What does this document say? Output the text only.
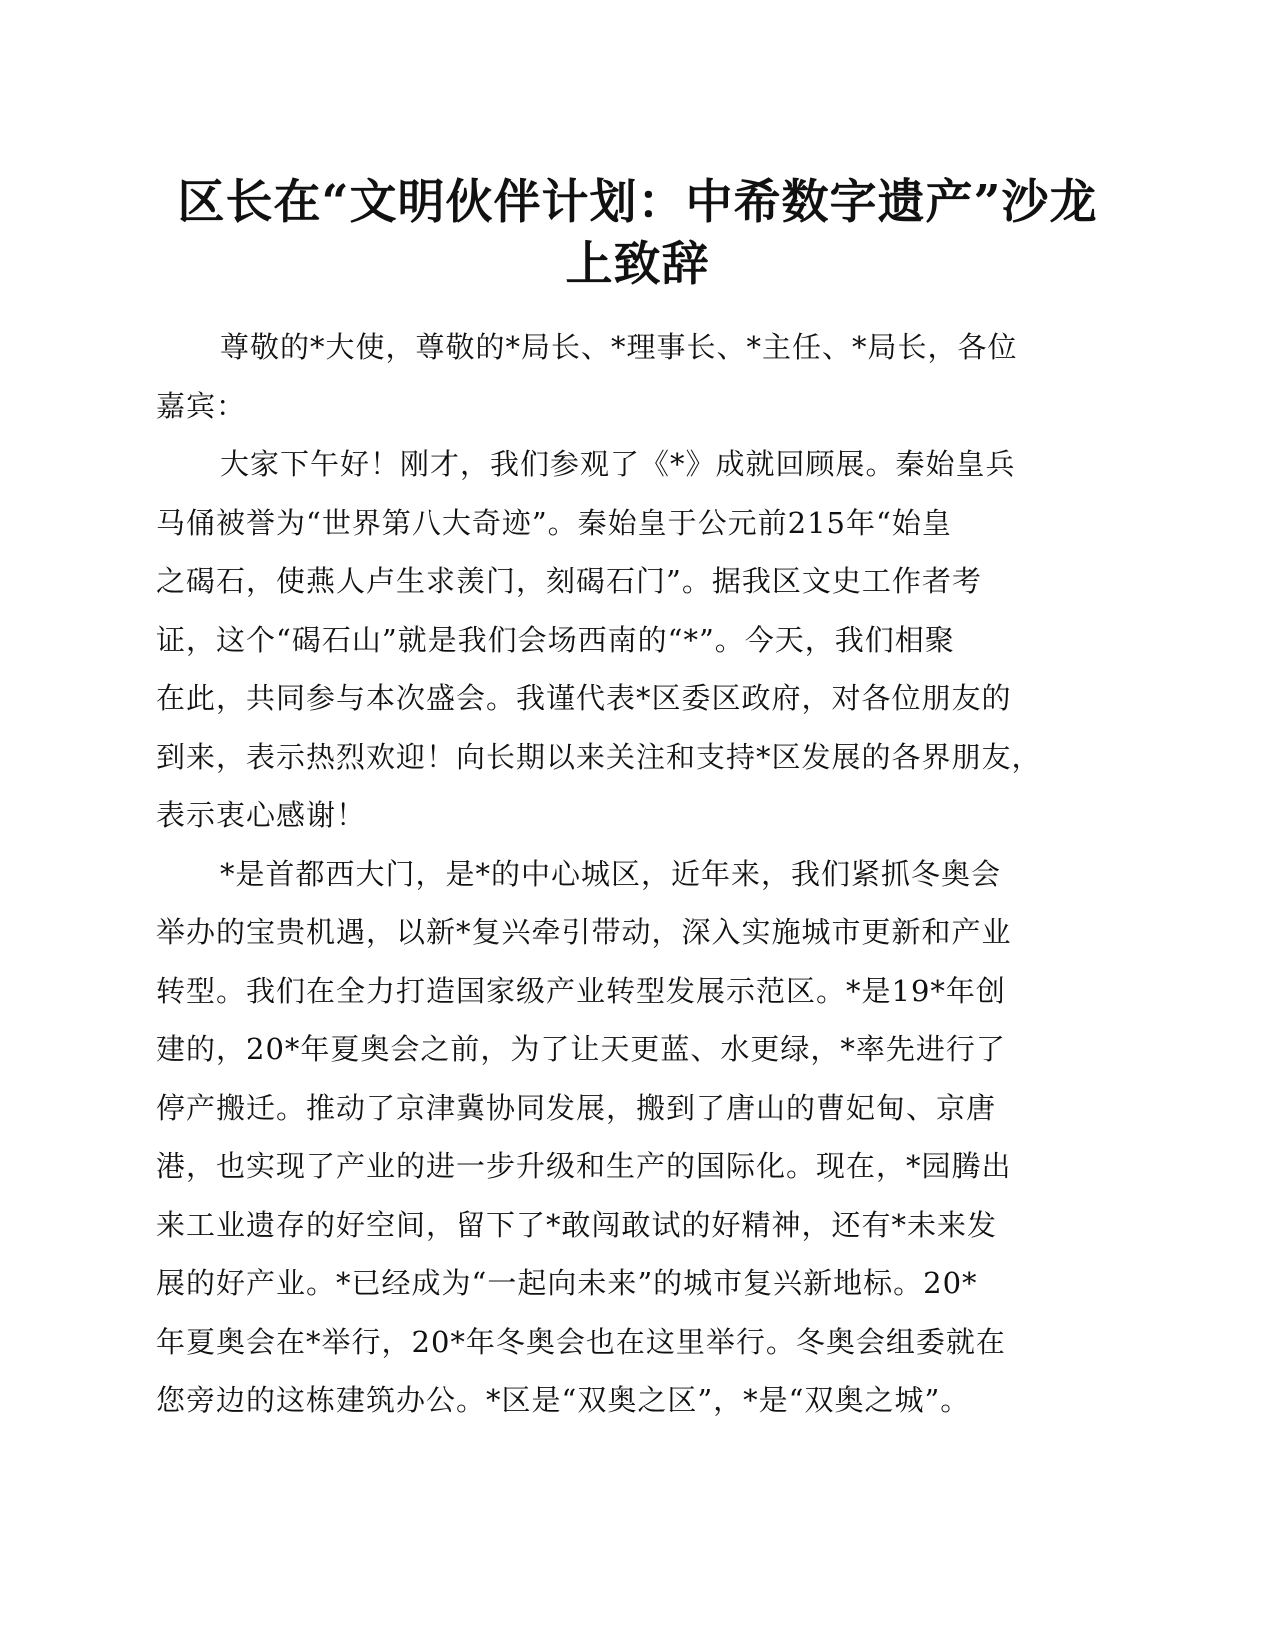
区长在“文明伙伴计划：中希数字遗产”沙龙
上致辞
尊敬的*大使，尊敬的*局长、*理事长、*主任、*局长，各位
嘉宾：
大家下午好！刚才，我们参观了《*》成就回顾展。秦始皇兵
马俑被誉为“世界第八大奇迹”。秦始皇于公元前215年“始皇
之碣石，使燕人卢生求羡门，刻碣石门”。据我区文史工作者考
证，这个“碣石山”就是我们会场西南的“*”。今天，我们相聚
在此，共同参与本次盛会。我谨代表*区委区政府，对各位朋友的
到来，表示热烈欢迎！向长期以来关注和支持*区发展的各界朋友，
表示衷心感谢！
*是首都西大门，是*的中心城区，近年来，我们紧抓冬奥会
举办的宝贵机遇，以新*复兴牵引带动，深入实施城市更新和产业
转型。我们在全力打造国家级产业转型发展示范区。*是19*年创
建的，20*年夏奥会之前，为了让天更蓝、水更绿，*率先进行了
停产搬迁。推动了京津冀协同发展，搬到了唐山的曹妃甸、京唐
港，也实现了产业的进一步升级和生产的国际化。现在，*园腾出
来工业遗存的好空间，留下了*敢闯敢试的好精神，还有*未来发
展的好产业。*已经成为“一起向未来”的城市复兴新地标。20*
年夏奥会在*举行，20*年冬奥会也在这里举行。冬奥会组委就在
您旁边的这栋建筑办公。*区是“双奥之区”，*是“双奥之城”。
